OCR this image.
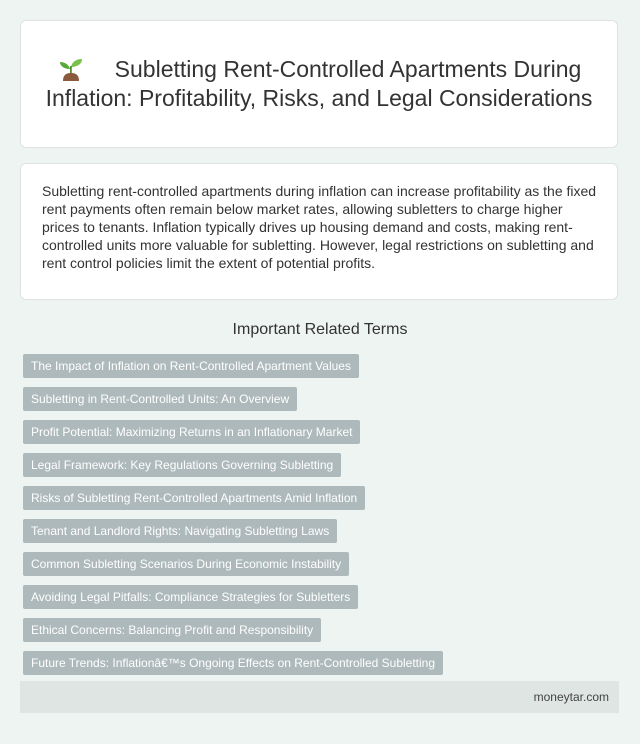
Subletting Rent-Controlled Apartments During Inflation: Profitability, Risks, and Legal Considerations

Subletting rent-controlled apartments during inflation can increase profitability as the fixed rent payments often remain below market rates, allowing subletters to charge higher prices to tenants. Inflation typically drives up housing demand and costs, making rent-controlled units more valuable for subletting. However, legal restrictions on subletting and rent control policies limit the extent of potential profits.

Important Related Terms
The Impact of Inflation on Rent-Controlled Apartment Values
Subletting in Rent-Controlled Units: An Overview
Profit Potential: Maximizing Returns in an Inflationary Market
Legal Framework: Key Regulations Governing Subletting
Risks of Subletting Rent-Controlled Apartments Amid Inflation
Tenant and Landlord Rights: Navigating Subletting Laws
Common Subletting Scenarios During Economic Instability
Avoiding Legal Pitfalls: Compliance Strategies for Subletters
Ethical Concerns: Balancing Profit and Responsibility
Future Trends: Inflationâ€™s Ongoing Effects on Rent-Controlled Subletting
moneytar.com
